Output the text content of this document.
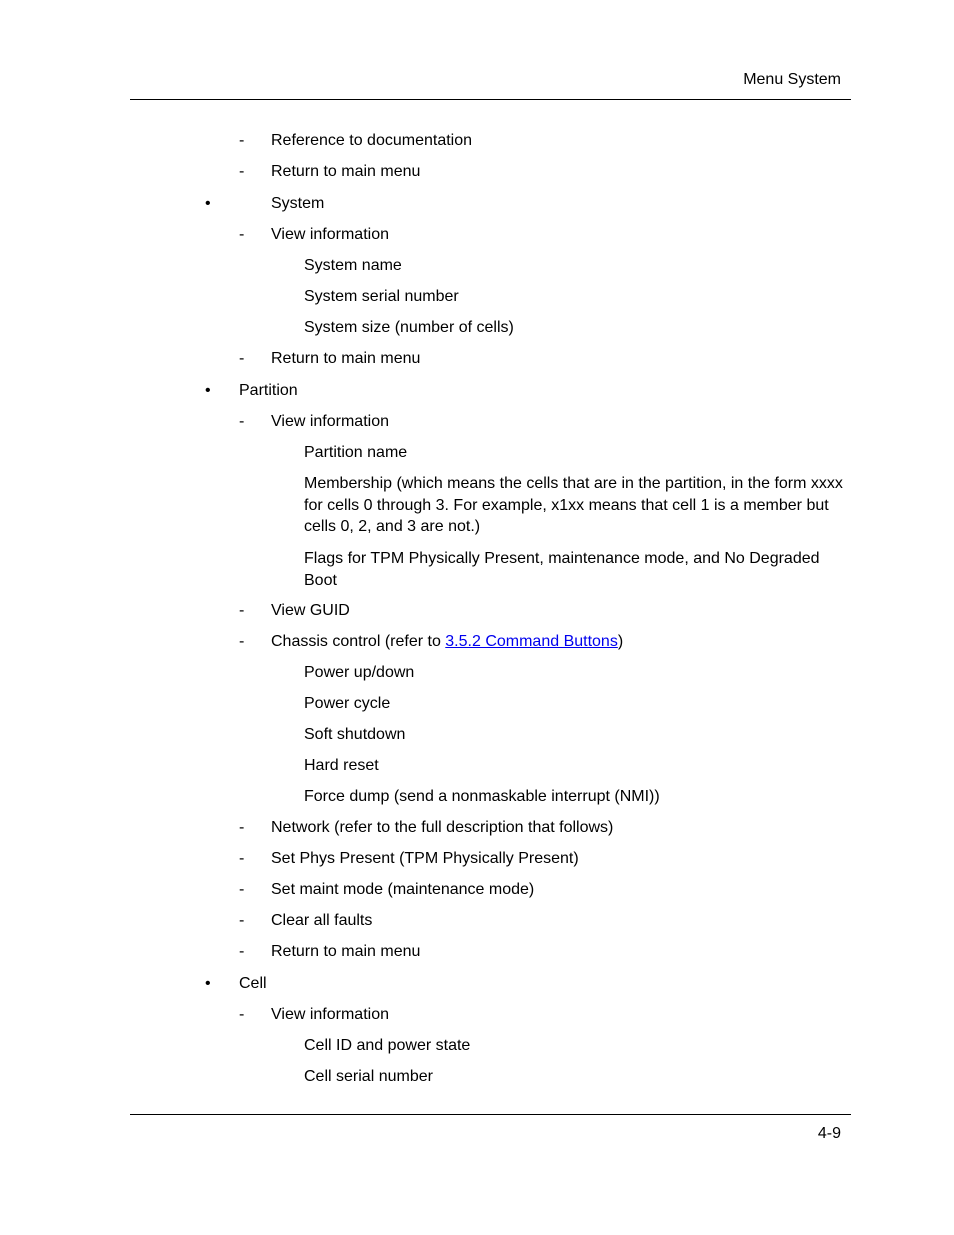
Menu System
- Reference to documentation
- Return to main menu
•	System
- View information
System name
System serial number
System size (number of cells)
- Return to main menu
• Partition
- View information
Partition name
Membership (which means the cells that are in the partition, in the form xxxx for cells 0 through 3. For example, x1xx means that cell 1 is a member but cells 0, 2, and 3 are not.)
Flags for TPM Physically Present, maintenance mode, and No Degraded Boot
- View GUID
- Chassis control (refer to 3.5.2 Command Buttons)
Power up/down
Power cycle
Soft shutdown
Hard reset
Force dump (send a nonmaskable interrupt (NMI))
- Network (refer to the full description that follows)
- Set Phys Present (TPM Physically Present)
- Set maint mode (maintenance mode)
- Clear all faults
- Return to main menu
• Cell
- View information
Cell ID and power state
Cell serial number
4-9
